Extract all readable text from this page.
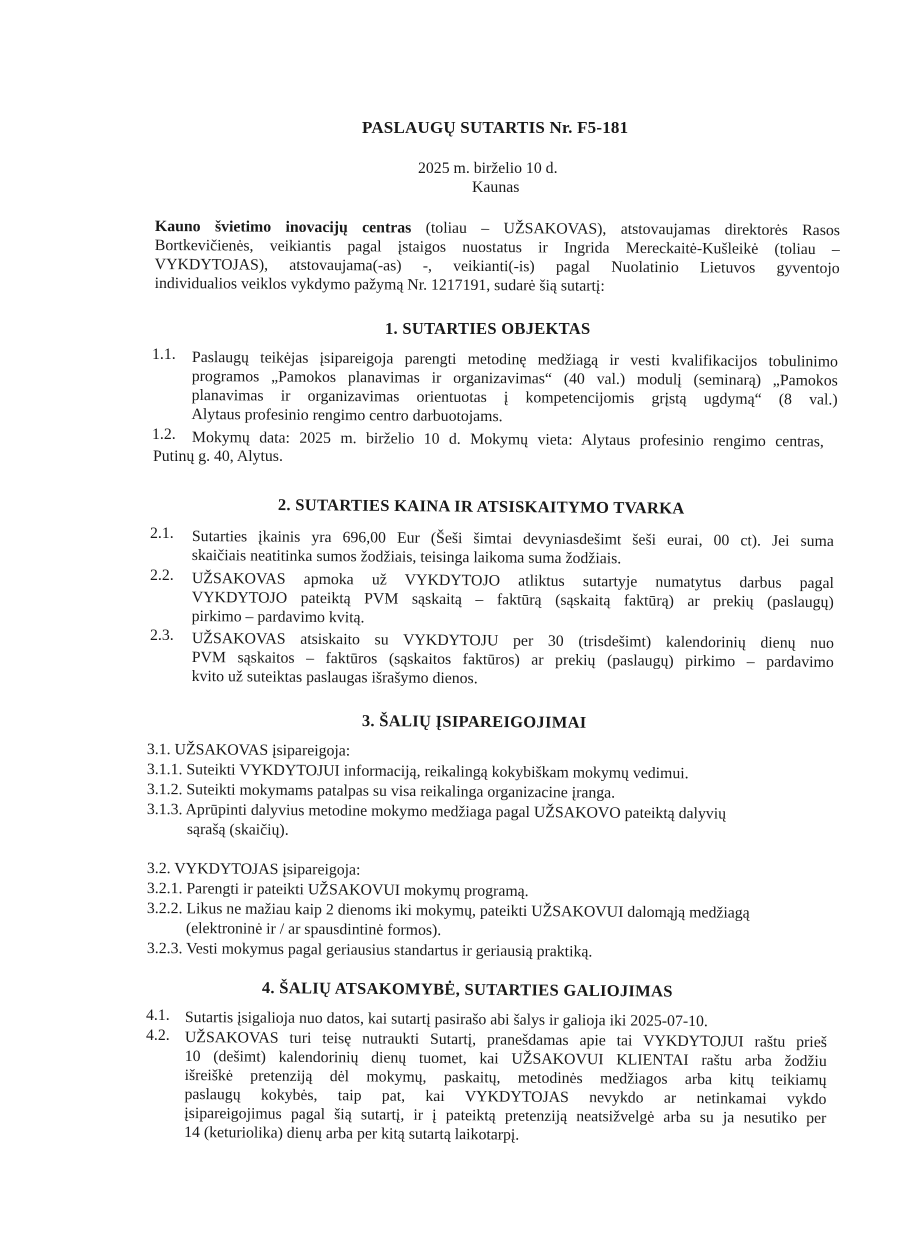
PASLAUGŲ SUTARTIS Nr. F5-181
2025 m. birželio 10 d.
Kaunas
Kauno švietimo inovacijų centras (toliau – UŽSAKOVAS), atstovaujamas direktorės Rasos
Bortkevičienės, veikiantis pagal įstaigos nuostatus ir Ingrida Mereckaitė-Kušleikė (toliau –
VYKDYTOJAS), atstovaujama(-as) -, veikianti(-is) pagal Nuolatinio Lietuvos gyventojo
individualios veiklos vykdymo pažymą Nr. 1217191, sudarė šią sutartį:
1. SUTARTIES OBJEKTAS
1.1. Paslaugų teikėjas įsipareigoja parengti metodinę medžiagą ir vesti kvalifikacijos tobulinimo
programos „Pamokos planavimas ir organizavimas“ (40 val.) modulį (seminarą) „Pamokos
planavimas ir organizavimas orientuotas į kompetencijomis grįstą ugdymą“ (8 val.)
Alytaus profesinio rengimo centro darbuotojams.
1.2. Mokymų data: 2025 m. birželio 10 d. Mokymų vieta: Alytaus profesinio rengimo centras,
Putinų g. 40, Alytus.
2. SUTARTIES KAINA IR ATSISKAITYMO TVARKA
2.1. Sutarties įkainis yra 696,00 Eur (Šeši šimtai devyniasdešimt šeši eurai, 00 ct). Jei suma
skaičiais neatitinka sumos žodžiais, teisinga laikoma suma žodžiais.
2.2. UŽSAKOVAS apmoka už VYKDYTOJO atliktus sutartyje numatytus darbus pagal
VYKDYTOJO pateiktą PVM sąskaitą – faktūrą (sąskaitą faktūrą) ar prekių (paslaugų)
pirkimo – pardavimo kvitą.
2.3. UŽSAKOVAS atsiskaito su VYKDYTOJU per 30 (trisdešimt) kalendorinių dienų nuo
PVM sąskaitos – faktūros (sąskaitos faktūros) ar prekių (paslaugų) pirkimo – pardavimo
kvito už suteiktas paslaugas išrašymo dienos.
3. ŠALIŲ ĮSIPAREIGOJIMAI
3.1. UŽSAKOVAS įsipareigoja:
3.1.1. Suteikti VYKDYTOJUI informaciją, reikalingą kokybiškam mokymų vedimui.
3.1.2. Suteikti mokymams patalpas su visa reikalinga organizacine įranga.
3.1.3. Aprūpinti dalyvius metodine mokymo medžiaga pagal UŽSAKOVO pateiktą dalyvių
sąrašą (skaičių).
3.2. VYKDYTOJAS įsipareigoja:
3.2.1. Parengti ir pateikti UŽSAKOVUI mokymų programą.
3.2.2. Likus ne mažiau kaip 2 dienoms iki mokymų, pateikti UŽSAKOVUI dalomąją medžiagą
(elektroninė ir / ar spausdintinė formos).
3.2.3. Vesti mokymus pagal geriausius standartus ir geriausią praktiką.
4. ŠALIŲ ATSAKOMYBĖ, SUTARTIES GALIOJIMAS
4.1. Sutartis įsigalioja nuo datos, kai sutartį pasirašo abi šalys ir galioja iki 2025-07-10.
4.2. UŽSAKOVAS turi teisę nutraukti Sutartį, pranešdamas apie tai VYKDYTOJUI raštu prieš
10 (dešimt) kalendorinių dienų tuomet, kai UŽSAKOVUI KLIENTAI raštu arba žodžiu
išreiškė pretenziją dėl mokymų, paskaitų, metodinės medžiagos arba kitų teikiamų
paslaugų kokybės, taip pat, kai VYKDYTOJAS nevykdo ar netinkamai vykdo
įsipareigojimus pagal šią sutartį, ir į pateiktą pretenziją neatsižvelgė arba su ja nesutiko per
14 (keturiolika) dienų arba per kitą sutartą laikotarpį.
